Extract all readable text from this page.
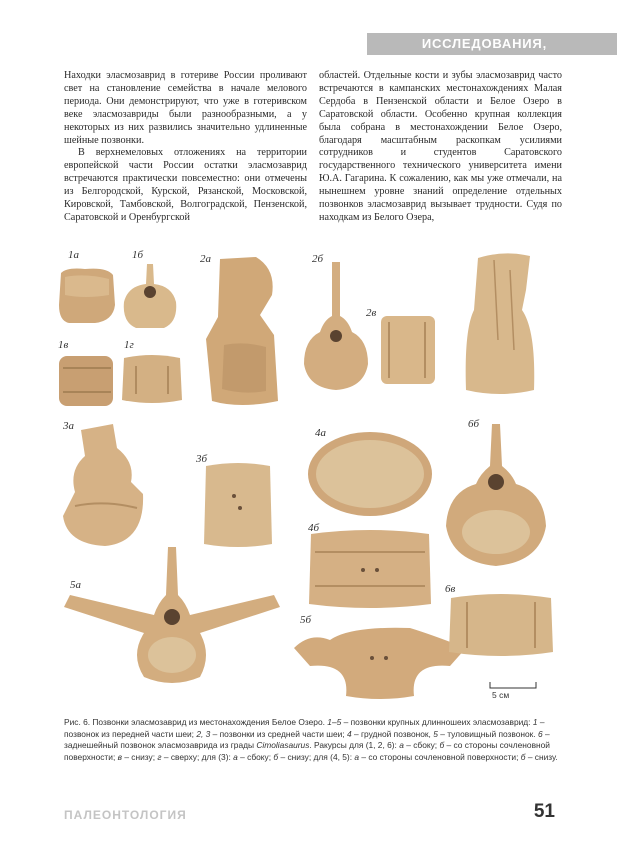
ИССЛЕДОВАНИЯ, ОБЗОРЫ

Находки эласмозаврид в готериве России проливают свет на становление семейства в начале мелового периода. Они демонстрируют, что уже в готеривском веке эласмозавриды были разнообразными, а у некоторых из них развились значительно удлиненные шейные позвонки.

В верхнемеловых отложениях на территории европейской части России остатки эласмозаврид встречаются практически повсеместно: они отмечены из Белгородской, Курской, Рязанской, Московской, Кировской, Тамбовской, Волгоградской, Пензенской, Саратовской и Оренбургской

областей. Отдельные кости и зубы эласмозаврид часто встречаются в кампанских местонахождениях Малая Сердоба в Пензенской области и Белое Озеро в Саратовской области. Особенно крупная коллекция была собрана в местонахождении Белое Озеро, благодаря масштабным раскопкам усилиями сотрудников и студентов Саратовского государственного технического университета имени Ю.А. Гагарина. К сожалению, как мы уже отмечали, на нынешнем уровне знаний определение отдельных позвонков эласмозаврид вызывает трудности. Судя по находкам из Белого Озера,

1а	1б
1в	1г
2а	2б
2в
3а
3б
4а
4б
5а
5б
6б
6в
5 см
Рис. 6. Позвонки эласмозаврид из местонахождения Белое Озеро. 1–5 – позвонки крупных длинношеих эласмозаврид: 1 – позвонок из передней части шеи; 2, 3 – позвонки из средней части шеи; 4 – грудной позвонок, 5 – туловищный позвонок. 6 – заднешейный позвонок эласмозаврида из грады Cimoliasaurus. Ракурсы для (1, 2, 6): а – сбоку; б – со стороны сочленовной поверхности; в – снизу; г – сверху; для (3): а – сбоку; б – снизу; для (4, 5): а – со стороны сочленовной поверхности; б – снизу.
ПАЛЕОНТОЛОГИЯ	51
